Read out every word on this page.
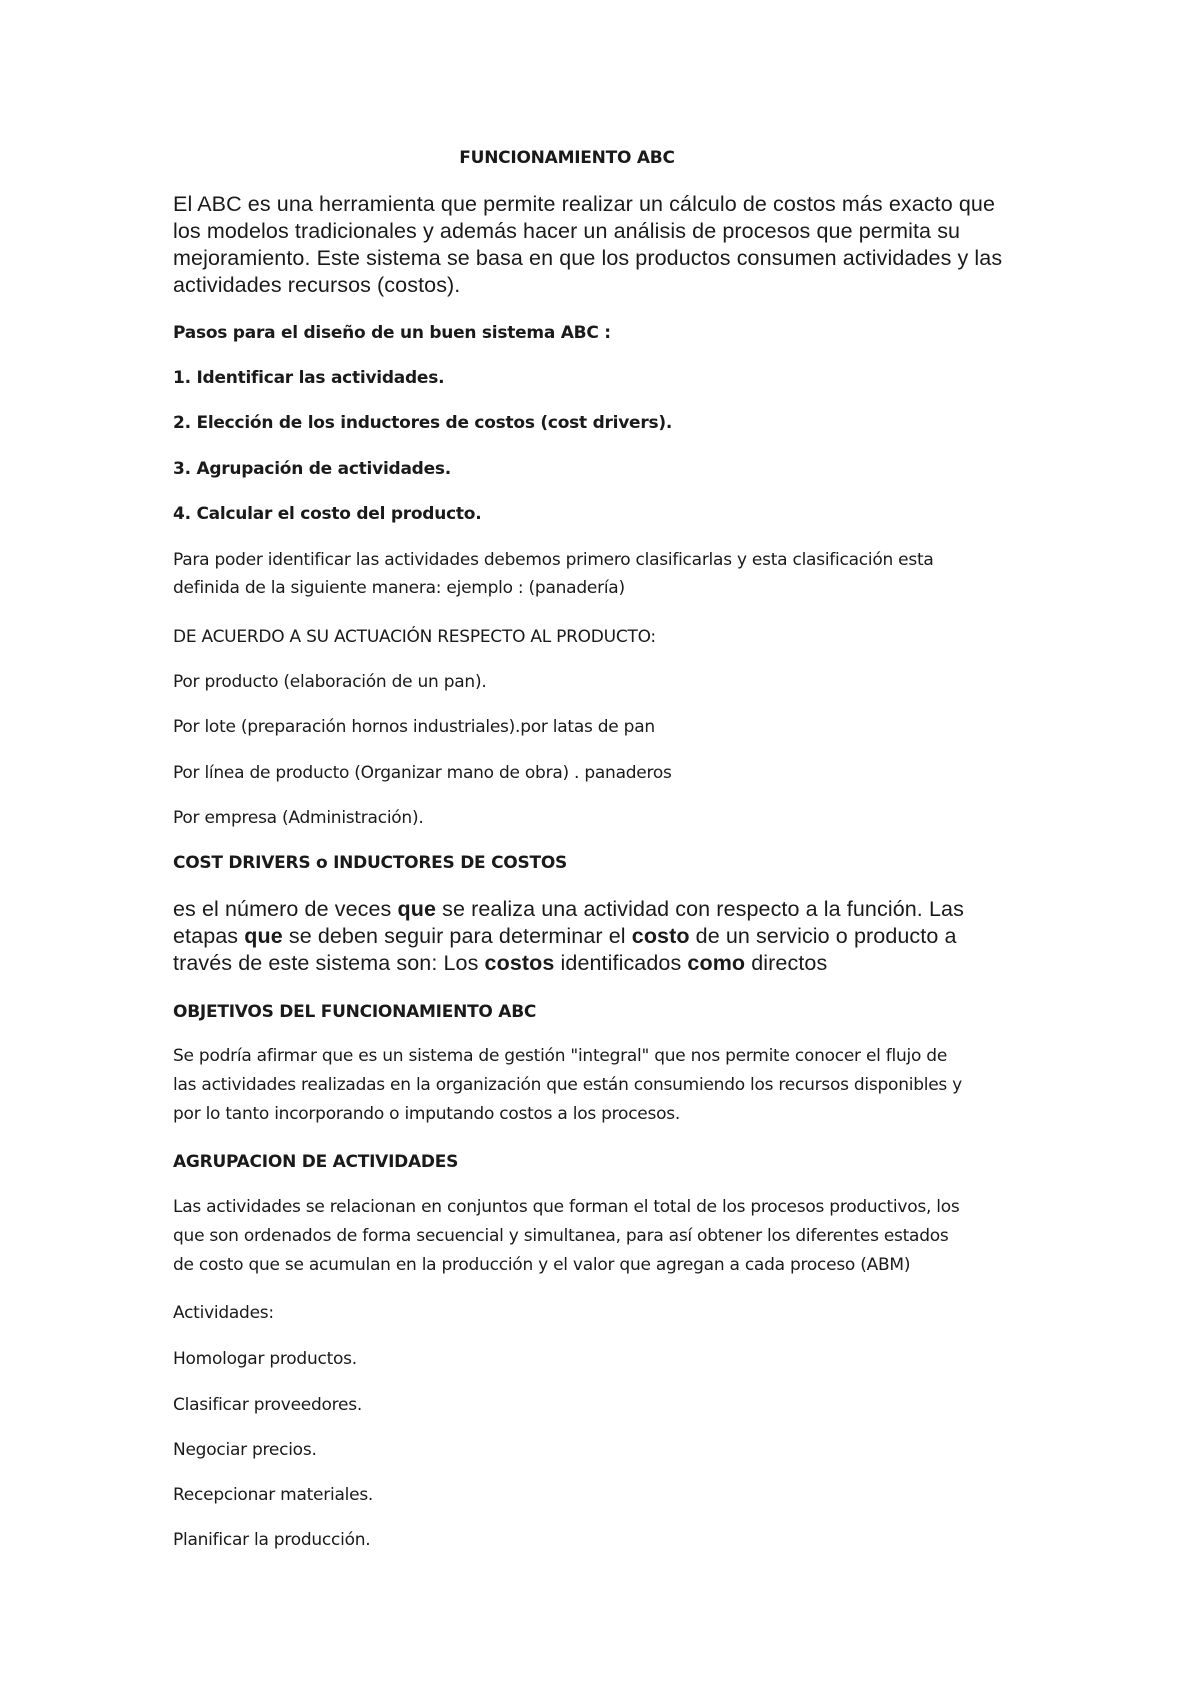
FUNCIONAMIENTO ABC

El ABC es una herramienta que permite realizar un cálculo de costos más exacto que

los modelos tradicionales y además hacer un análisis de procesos que permita su

mejoramiento. Este sistema se basa en que los productos consumen actividades y las

actividades recursos (costos).

Pasos para el diseño de un buen sistema ABC :

1. Identificar las actividades.

2. Elección de los inductores de costos (cost drivers).

3. Agrupación de actividades.

4. Calcular el costo del producto.

Para poder identificar las actividades debemos primero clasificarlas y esta clasificación esta

definida de la siguiente manera: ejemplo : (panadería)

DE ACUERDO A SU ACTUACIÓN RESPECTO AL PRODUCTO:

Por producto (elaboración de un pan).

Por lote (preparación hornos industriales).por latas de pan

Por línea de producto (Organizar mano de obra) . panaderos

Por empresa (Administración).

COST DRIVERS o INDUCTORES DE COSTOS

es el número de veces que se realiza una actividad con respecto a la función. Las

etapas que se deben seguir para determinar el costo de un servicio o producto a

través de este sistema son: Los costos identificados como directos

OBJETIVOS DEL FUNCIONAMIENTO ABC

Se podría afirmar que es un sistema de gestión "integral" que nos permite conocer el flujo de

las actividades realizadas en la organización que están consumiendo los recursos disponibles y

por lo tanto incorporando o imputando costos a los procesos.

AGRUPACION DE ACTIVIDADES

Las actividades se relacionan en conjuntos que forman el total de los procesos productivos, los

que son ordenados de forma secuencial y simultanea, para así obtener los diferentes estados

de costo que se acumulan en la producción y el valor que agregan a cada proceso (ABM)

Actividades:

Homologar productos.

Clasificar proveedores.

Negociar precios.

Recepcionar materiales.

Planificar la producción.
